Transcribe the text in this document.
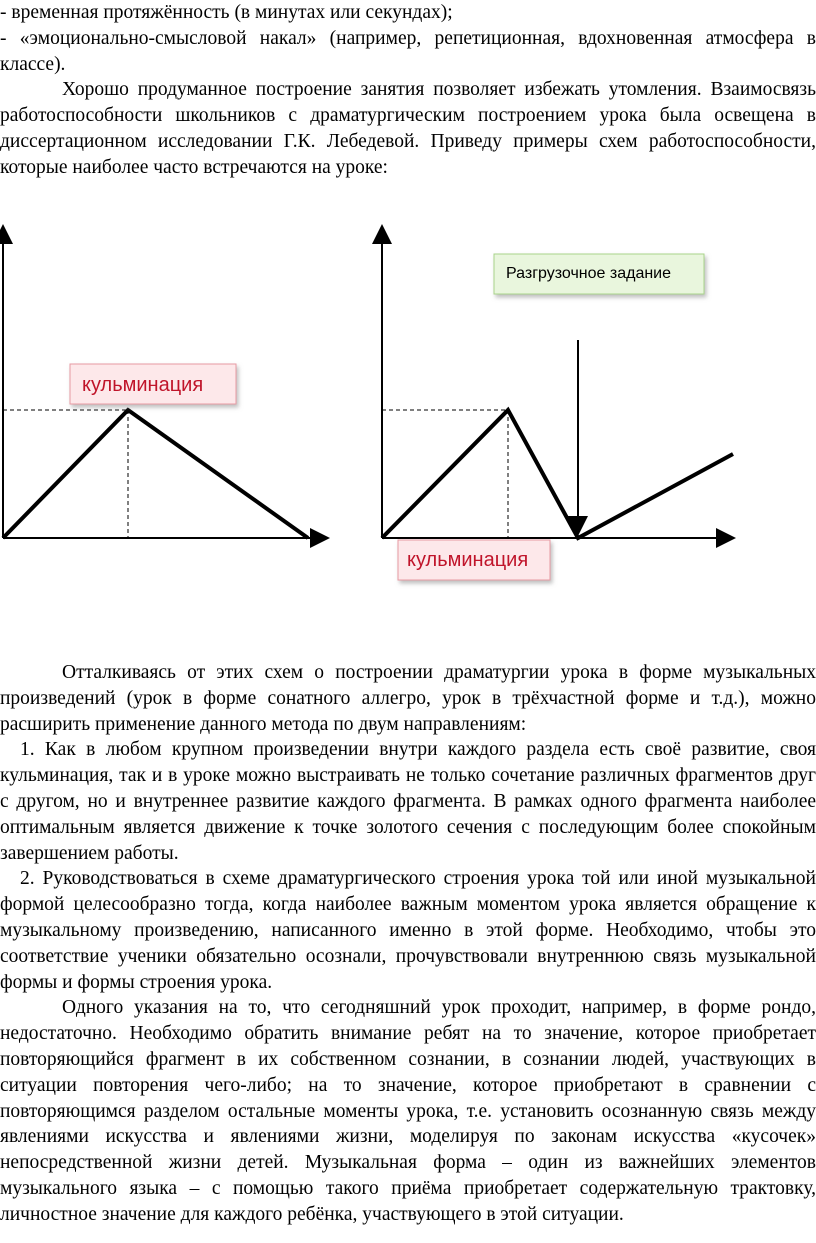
- временная протяжённость (в минутах или секундах);

- «эмоционально-смысловой накал» (например, репетиционная, вдохновенная атмосфера в классе).

Хорошо продуманное построение занятия позволяет избежать утомления. Взаимосвязь работоспособности школьников с драматургическим построением урока была освещена в диссертационном исследовании Г.К. Лебедевой. Приведу примеры схем работоспособности, которые наиболее часто встречаются на уроке:

кульминация
Разгрузочное задание
кульминация

Отталкиваясь от этих схем о построении драматургии урока в форме музыкальных произведений (урок в форме сонатного аллегро, урок в трёхчастной форме и т.д.), можно расширить применение данного метода по двум направлениям:

1. Как в любом крупном произведении внутри каждого раздела есть своё развитие, своя кульминация, так и в уроке можно выстраивать не только сочетание различных фрагментов друг с другом, но и внутреннее развитие каждого фрагмента. В рамках одного фрагмента наиболее оптимальным является движение к точке золотого сечения с последующим более спокойным завершением работы.

2. Руководствоваться в схеме драматургического строения урока той или иной музыкальной формой целесообразно тогда, когда наиболее важным моментом урока является обращение к музыкальному произведению, написанного именно в этой форме. Необходимо, чтобы это соответствие ученики обязательно осознали, прочувствовали внутреннюю связь музыкальной формы и формы строения урока.

Одного указания на то, что сегодняшний урок проходит, например, в форме рондо, недостаточно. Необходимо обратить внимание ребят на то значение, которое приобретает повторяющийся фрагмент в их собственном сознании, в сознании людей, участвующих в ситуации повторения чего-либо; на то значение, которое приобретают в сравнении с повторяющимся разделом остальные моменты урока, т.е. установить осознанную связь между явлениями искусства и явлениями жизни, моделируя по законам искусства «кусочек» непосредственной жизни детей. Музыкальная форма – один из важнейших элементов музыкального языка – с помощью такого приёма приобретает содержательную трактовку, личностное значение для каждого ребёнка, участвующего в этой ситуации.
